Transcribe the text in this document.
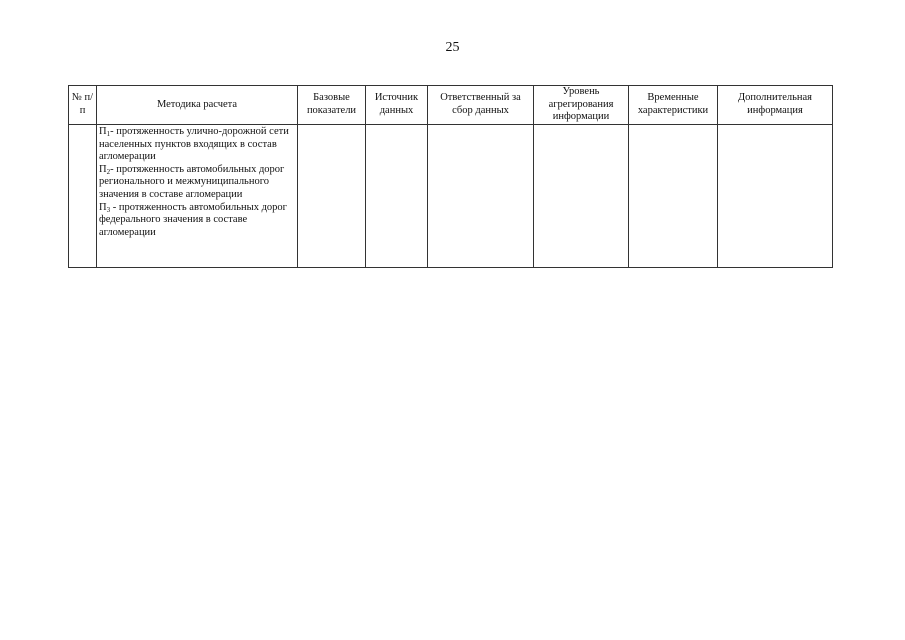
25
№ п/п	Методика расчета	Базовые показатели	Источник данных	Ответственный за сбор данных	Уровень агрегирования информации	Временные характеристики	Дополнительная информация

	П1- протяженность улично-дорожной сети населенных пунктов входящих в состав агломерации
П2- протяженность автомобильных дорог регионального и межмуниципального значения в составе агломерации
П3 - протяженность автомобильных дорог федерального значения в составе агломерации						
